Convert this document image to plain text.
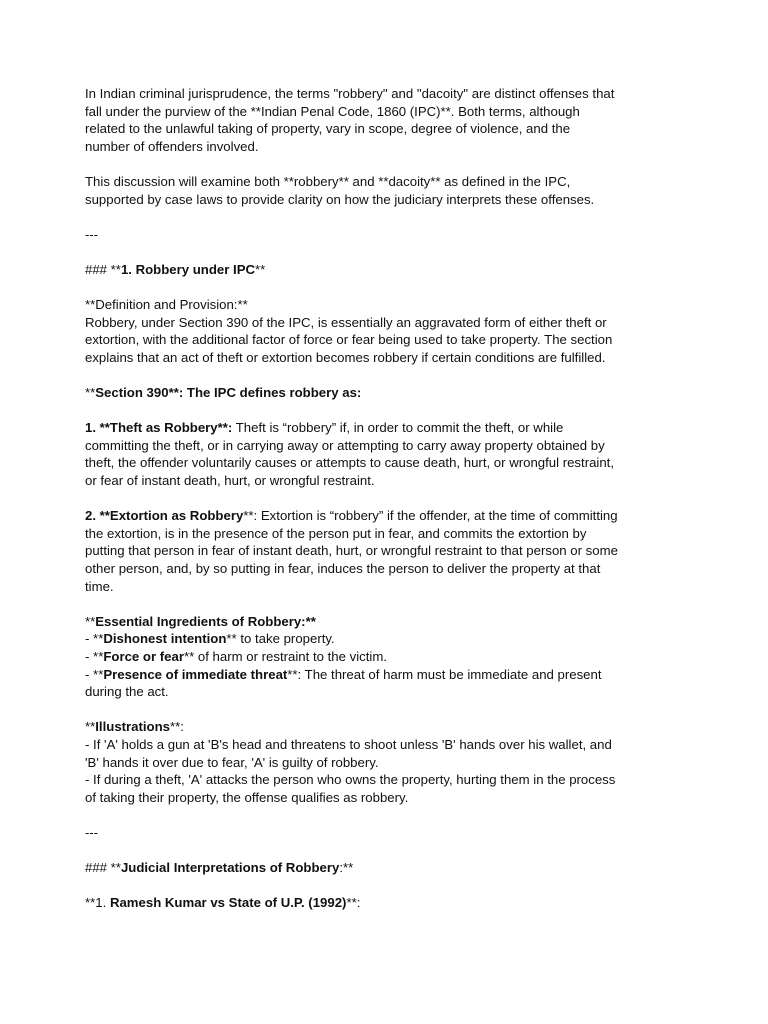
In Indian criminal jurisprudence, the terms "robbery" and "dacoity" are distinct offenses that fall under the purview of the **Indian Penal Code, 1860 (IPC)**. Both terms, although related to the unlawful taking of property, vary in scope, degree of violence, and the number of offenders involved.

This discussion will examine both **robbery** and **dacoity** as defined in the IPC, supported by case laws to provide clarity on how the judiciary interprets these offenses.

---

### **1. Robbery under IPC**

**Definition and Provision:**

Robbery, under Section 390 of the IPC, is essentially an aggravated form of either theft or extortion, with the additional factor of force or fear being used to take property. The section explains that an act of theft or extortion becomes robbery if certain conditions are fulfilled.

**Section 390**: The IPC defines robbery as:

1. **Theft as Robbery**: Theft is “robbery” if, in order to commit the theft, or while committing the theft, or in carrying away or attempting to carry away property obtained by theft, the offender voluntarily causes or attempts to cause death, hurt, or wrongful restraint, or fear of instant death, hurt, or wrongful restraint.

2. **Extortion as Robbery**: Extortion is “robbery” if the offender, at the time of committing the extortion, is in the presence of the person put in fear, and commits the extortion by putting that person in fear of instant death, hurt, or wrongful restraint to that person or some other person, and, by so putting in fear, induces the person to deliver the property at that time.

**Essential Ingredients of Robbery:**

- **Dishonest intention** to take property.

- **Force or fear** of harm or restraint to the victim.

- **Presence of immediate threat**: The threat of harm must be immediate and present during the act.

**Illustrations**:

- If 'A' holds a gun at 'B's head and threatens to shoot unless 'B' hands over his wallet, and 'B' hands it over due to fear, 'A' is guilty of robbery.

- If during a theft, 'A' attacks the person who owns the property, hurting them in the process of taking their property, the offense qualifies as robbery.

---

### **Judicial Interpretations of Robbery:**

**1. Ramesh Kumar vs State of U.P. (1992)**:
